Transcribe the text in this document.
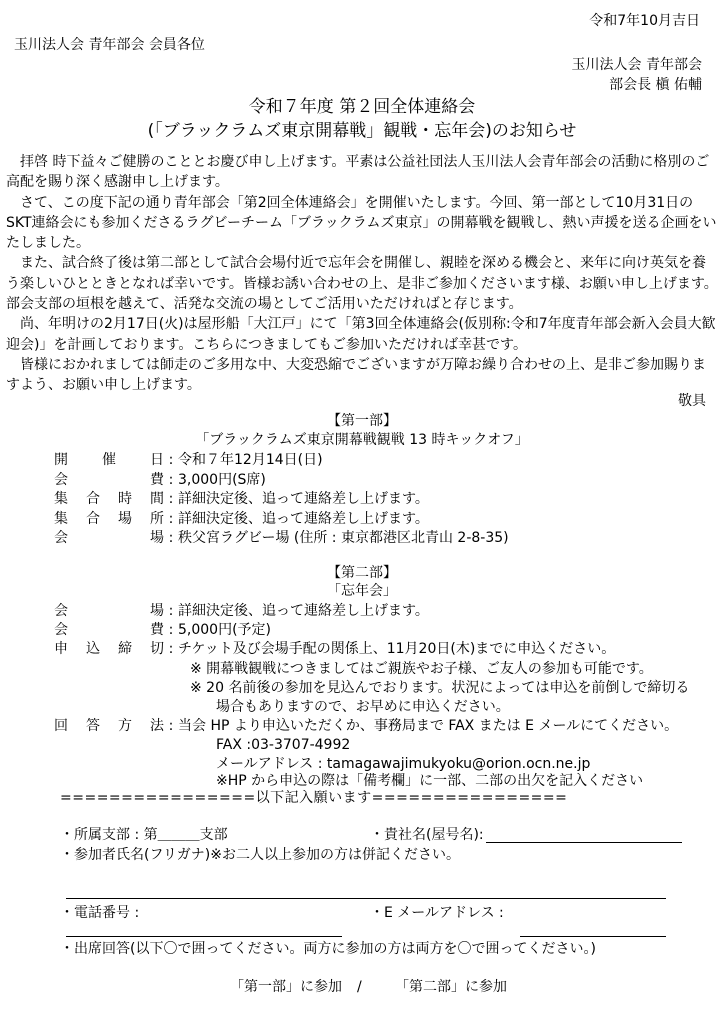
令和7年10月吉日
玉川法人会 青年部会 会員各位
玉川法人会 青年部会
部会長 槇 佑輔
令和７年度 第２回全体連絡会
(「ブラックラムズ東京開幕戦」観戦・忘年会)のお知らせ

拝啓 時下益々ご健勝のこととお慶び申し上げます。平素は公益社団法人玉川法人会青年部会の活動に格別のご高配を賜り深く感謝申し上げます。

さて、この度下記の通り青年部会「第2回全体連絡会」を開催いたします。今回、第一部として10月31日のSKT連絡会にも参加くださるラグビーチーム「ブラックラムズ東京」の開幕戦を観戦し、熱い声援を送る企画をいたしました。

また、試合終了後は第二部として試合会場付近で忘年会を開催し、親睦を深める機会と、来年に向け英気を養う楽しいひとときとなれば幸いです。皆様お誘い合わせの上、是非ご参加くださいます様、お願い申し上げます。部会支部の垣根を越えて、活発な交流の場としてご活用いただければと存じます。

尚、年明けの2月17日(火)は屋形船「大江戸」にて「第3回全体連絡会(仮別称:令和7年度青年部会新入会員大歓迎会)」を計画しております。こちらにつきましてもご参加いただければ幸甚です。

皆様におかれましては師走のご多用な中、大変恐縮でございますが万障お繰り合わせの上、是非ご参加賜りますよう、お願い申し上げます。

敬具
【第一部】
「ブラックラムズ東京開幕戦観戦 13 時キックオフ」
開催日 : 令和７年12月14日(日)
会費 : 3,000円(S席)
集合時間 : 詳細決定後、追って連絡差し上げます。
集合場所 : 詳細決定後、追って連絡差し上げます。
会場 : 秩父宮ラグビー場 (住所 : 東京都港区北青山 2-8-35)
【第二部】
「忘年会」
会場 : 詳細決定後、追って連絡差し上げます。
会費 : 5,000円(予定)
申込締切 : チケット及び会場手配の関係上、11月20日(木)までに申込ください。
※ 開幕戦観戦につきましてはご親族やお子様、ご友人の参加も可能です。
※ 20 名前後の参加を見込んでおります。状況によっては申込を前倒しで締切る
場合もありますので、お早めに申込ください。
回答方法 : 当会 HP より申込いただくか、事務局まで FAX または E メールにてください。
FAX :03-3707-4992
メールアドレス : tamagawajimukyoku@orion.ocn.ne.jp
※HP から申込の際は「備考欄」に一部、二部の出欠を記入ください
================以下記入願います================
・所属支部 : 第＿＿＿支部	・貴社名(屋号名):
・参加者氏名(フリガナ)※お二人以上参加の方は併記ください。
・電話番号 :	・E メールアドレス :
・出席回答(以下〇で囲ってください。両方に参加の方は両方を〇で囲ってください。)
「第一部」に参加 / 「第二部」に参加
